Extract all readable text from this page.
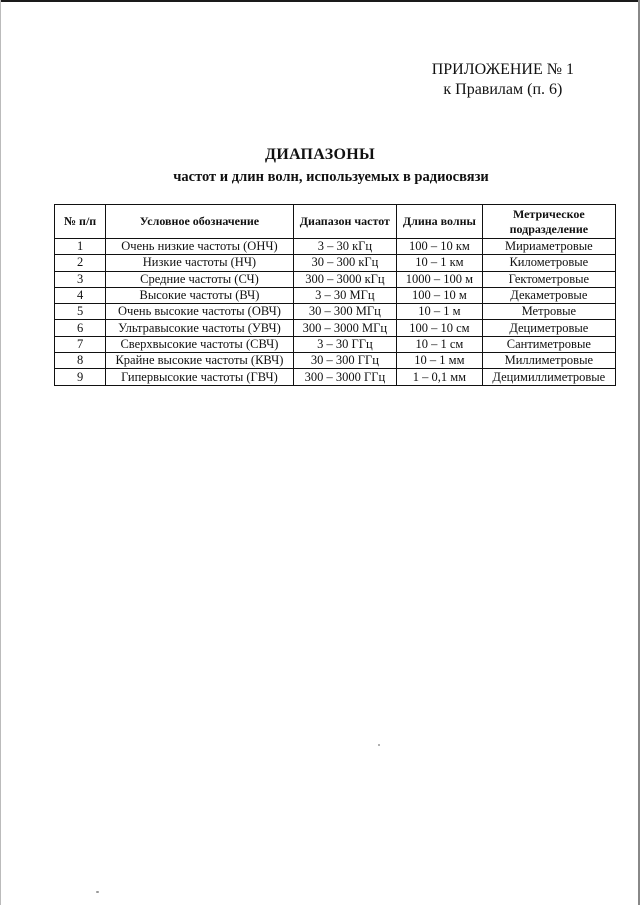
ПРИЛОЖЕНИЕ № 1
к Правилам (п. 6)
ДИАПАЗОНЫ
частот и длин волн, используемых в радиосвязи
№ п/п	Условное обозначение	Диапазон частот	Длина волны	Метрическое подразделение
1	Очень низкие частоты (ОНЧ)	3 – 30 кГц	100 – 10 км	Мириаметровые
2	Низкие частоты (НЧ)	30 – 300 кГц	10 – 1 км	Километровые
3	Средние частоты (СЧ)	300 – 3000 кГц	1000 – 100 м	Гектометровые
4	Высокие частоты (ВЧ)	3 – 30 МГц	100 – 10 м	Декаметровые
5	Очень высокие частоты (ОВЧ)	30 – 300 МГц	10 – 1 м	Метровые
6	Ультравысокие частоты (УВЧ)	300 – 3000 МГц	100 – 10 см	Дециметровые
7	Сверхвысокие частоты (СВЧ)	3 – 30 ГГц	10 – 1 см	Сантиметровые
8	Крайне высокие частоты (КВЧ)	30 – 300 ГГц	10 – 1 мм	Миллиметровые
9	Гипервысокие частоты (ГВЧ)	300 – 3000 ГГц	1 – 0,1 мм	Децимиллиметровые
